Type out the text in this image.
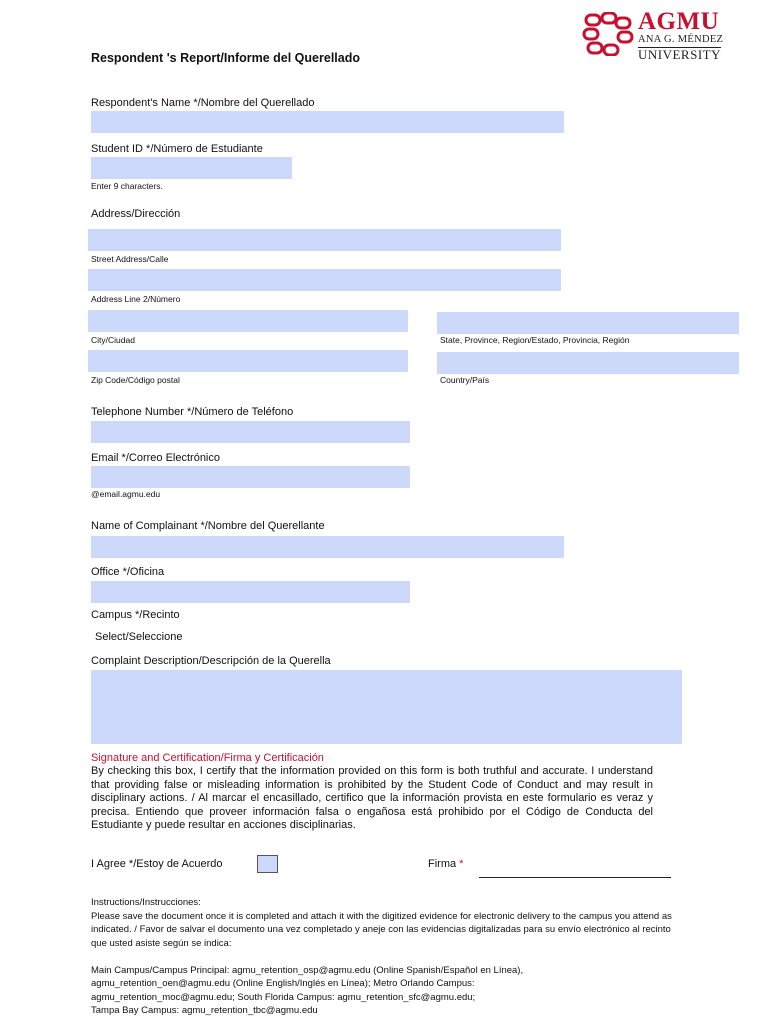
AGMU
ANA G. MÉNDEZ
UNIVERSITY
Respondent 's Report/Informe del Querellado
Respondent's Name */Nombre del Querellado
Student ID */Número de Estudiante
Enter 9 characters.
Address/Dirección
Street Address/Calle
Address Line 2/Número
City/Ciudad	State, Province, Region/Estado, Provincia, Región
Zip Code/Código postal	Country/País
Telephone Number */Número de Teléfono
Email */Correo Electrónico
@email.agmu.edu
Name of Complainant */Nombre del Querellante
Office */Oficina
Campus */Recinto
Select/Seleccione
Complaint Description/Descripción de la Querella
Signature and Certification/Firma y Certificación
By checking this box, I certify that the information provided on this form is both truthful and accurate. I understand that providing false or misleading information is prohibited by the Student Code of Conduct and may result in disciplinary actions. / Al marcar el encasillado, certifico que la información provista en este formulario es veraz y precisa. Entiendo que proveer información falsa o engañosa está prohibido por el Código de Conducta del Estudiante y puede resultar en acciones disciplinarias.
I Agree */Estoy de Acuerdo	Firma *
Instructions/Instrucciones:
Please save the document once it is completed and attach it with the digitized evidence for electronic delivery to the campus you attend as indicated. / Favor de salvar el documento una vez completado y aneje con las evidencias digitalizadas para su envío electrónico al recinto que usted asiste según se indica:
Main Campus/Campus Principal: agmu_retention_osp@agmu.edu (Online Spanish/Español en Línea),
agmu_retention_oen@agmu.edu (Online English/Inglés en Línea); Metro Orlando Campus:
agmu_retention_moc@agmu.edu; South Florida Campus: agmu_retention_sfc@agmu.edu;
Tampa Bay Campus: agmu_retention_tbc@agmu.edu
